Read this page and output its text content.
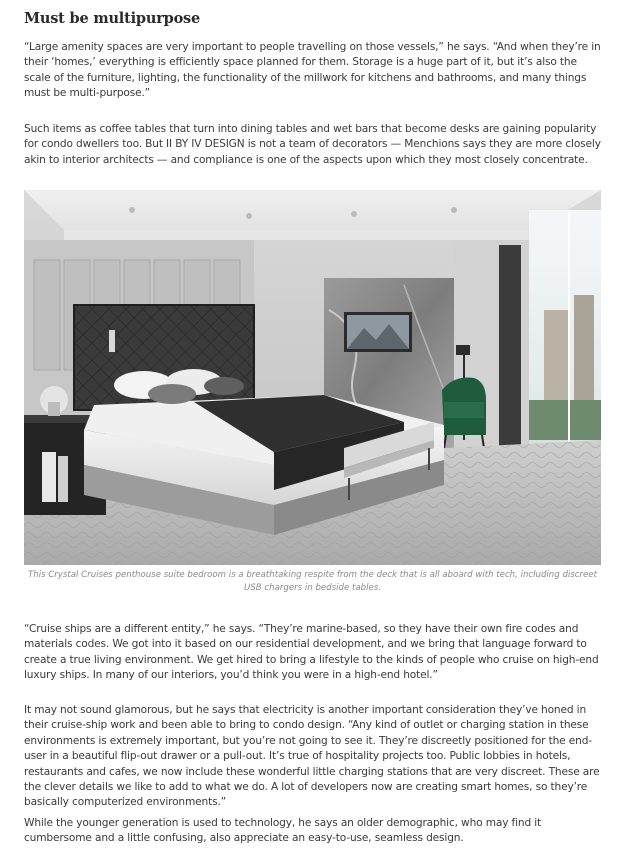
Must be multipurpose

“Large amenity spaces are very important to people travelling on those vessels,” he says. “And when they’re in their ‘homes,’ everything is efficiently space planned for them. Storage is a huge part of it, but it’s also the scale of the furniture, lighting, the functionality of the millwork for kitchens and bathrooms, and many things must be multi-purpose.”

Such items as coffee tables that turn into dining tables and wet bars that become desks are gaining popularity for condo dwellers too. But II BY IV DESIGN is not a team of decorators — Menchions says they are more closely akin to interior architects — and compliance is one of the aspects upon which they most closely concentrate.

This Crystal Cruises penthouse suite bedroom is a breathtaking respite from the deck that is all aboard with tech, including discreet USB chargers in bedside tables.

“Cruise ships are a different entity,” he says. “They’re marine-based, so they have their own fire codes and materials codes. We got into it based on our residential development, and we bring that language forward to create a true living environment. We get hired to bring a lifestyle to the kinds of people who cruise on high-end luxury ships. In many of our interiors, you’d think you were in a high-end hotel.”

It may not sound glamorous, but he says that electricity is another important consideration they’ve honed in their cruise-ship work and been able to bring to condo design. “Any kind of outlet or charging station in these environments is extremely important, but you’re not going to see it. They’re discreetly positioned for the end-user in a beautiful flip-out drawer or a pull-out. It’s true of hospitality projects too. Public lobbies in hotels, restaurants and cafes, we now include these wonderful little charging stations that are very discreet. These are the clever details we like to add to what we do. A lot of developers now are creating smart homes, so they’re basically computerized environments.”

While the younger generation is used to technology, he says an older demographic, who may find it cumbersome and a little confusing, also appreciate an easy-to-use, seamless design.
